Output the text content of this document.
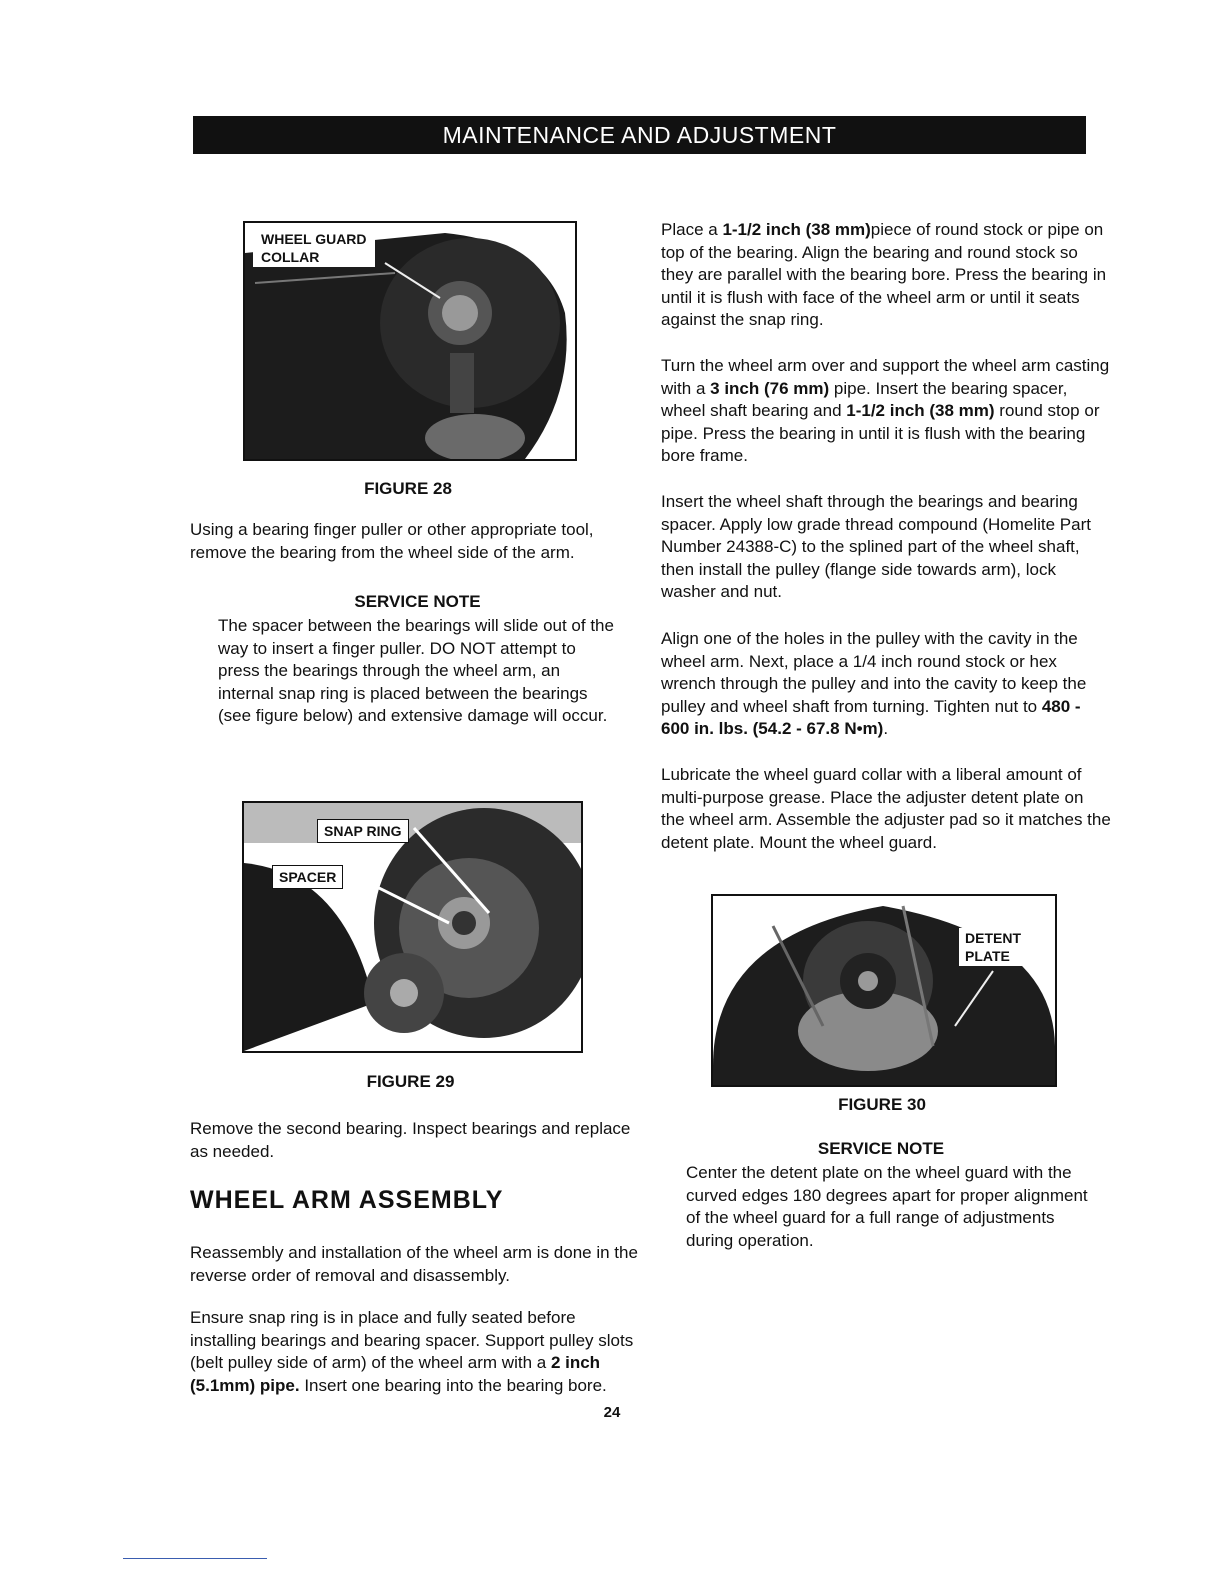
MAINTENANCE AND ADJUSTMENT
WHEEL GUARD
COLLAR
FIGURE 28

Using a bearing finger puller or other appropriate tool, remove the bearing from the wheel side of the arm.

SERVICE NOTE

The spacer between the bearings will slide out of the way to insert a finger puller. DO NOT attempt to press the bearings through the wheel arm, an internal snap ring is placed between the bearings (see figure below) and extensive damage will occur.

SNAP RING
SPACER
FIGURE 29

Remove the second bearing. Inspect bearings and replace as needed.

WHEEL ARM ASSEMBLY

Reassembly and installation of the wheel arm is done in the reverse order of removal and disassembly.

Ensure snap ring is in place and fully seated before installing bearings and bearing spacer. Support pulley slots (belt pulley side of arm) of the wheel arm with a 2 inch (5.1mm) pipe. Insert one bearing into the bearing bore.

Place a 1-1/2 inch (38 mm)piece of round stock or pipe on top of the bearing. Align the bearing and round stock so they are parallel with the bearing bore. Press the bearing in until it is flush with face of the wheel arm or until it seats against the snap ring.

Turn the wheel arm over and support the wheel arm casting with a 3 inch (76 mm) pipe. Insert the bearing spacer, wheel shaft bearing and 1-1/2 inch (38 mm) round stop or pipe. Press the bearing in until it is flush with the bearing bore frame.

Insert the wheel shaft through the bearings and bearing spacer. Apply low grade thread compound (Homelite Part Number 24388-C) to the splined part of the wheel shaft, then install the pulley (flange side towards arm), lock washer and nut.

Align one of the holes in the pulley with the cavity in the wheel arm. Next, place a 1/4 inch round stock or hex wrench through the pulley and into the cavity to keep the pulley and wheel shaft from turning. Tighten nut to 480 - 600 in. lbs. (54.2 - 67.8 N•m).

Lubricate the wheel guard collar with a liberal amount of multi-purpose grease. Place the adjuster detent plate on the wheel arm. Assemble the adjuster pad so it matches the detent plate. Mount the wheel guard.

DETENT
PLATE
FIGURE 30
SERVICE NOTE

Center the detent plate on the wheel guard with the curved edges 180 degrees apart for proper alignment of the wheel guard for a full range of adjustments during operation.

24
